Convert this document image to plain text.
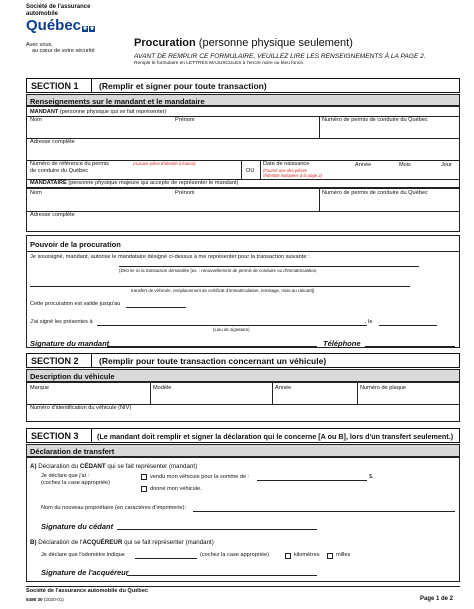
Société de l'assurance
automobile
Québec⚜ ⚜
Avec vous,
au cœur de votre sécurité
Procuration (personne physique seulement)
AVANT DE REMPLIR CE FORMULAIRE, VEUILLEZ LIRE LES RENSEIGNEMENTS À LA PAGE 2.
Remplir le formulaire en LETTRES MAJUSCULES à l'encre noire ou bleu foncé.
SECTION 1	(Remplir et signer pour toute transaction)
Renseignements sur le mandant et le mandataire
MANDANT (personne physique qui se fait représenter)
Nom	Prénom	Numéro de permis de conduire du Québec
Adresse complète
Numéro de référence du permis
de conduire du Québec
(Aucune pièce d'identité à fournir)
OU
Date de naissance
(Fournir une des pièces
d'identité indiquées à la page 2)
Année	Mois	Jour
MANDATAIRE (personne physique majeure qui accepte de représenter le mandant)
Nom	Prénom	Numéro de permis de conduire du Québec
Adresse complète
Pouvoir de la procuration
Je soussigné, mandant, autorise le mandataire désigné ci-dessus à me représenter pour la transaction suivante :
(Décrire ici la transaction demandée [ex. : renouvellement de permis de conduire ou d'immatriculation,
transfert de véhicule, remplacement de certificat d'immatriculation, remisage, mise au rancart])
Cette procuration est valide jusqu'au
J'ai signé les présentes à
(Lieu de signature)
, le
Signature du mandant	Téléphone
SECTION 2	(Remplir pour toute transaction concernant un véhicule)
Description du véhicule
Marque	Modèle	Année	Numéro de plaque
Numéro d'identification du véhicule (NIV)
SECTION 3	(Le mandant doit remplir et signer la déclaration qui le concerne [A ou B], lors d'un transfert seulement.)
Déclaration de transfert
A) Déclaration du CÉDANT qui se fait représenter (mandant)
Je déclare que j'ai :
(cochez la case appropriée)
vendu mon véhicule pour la somme de :	$.
donné mon véhicule.
Nom du nouveau propriétaire (en caractères d'imprimerie):
Signature du cédant
B) Déclaration de l'ACQUÉREUR qui se fait représenter (mandant)
Je déclare que l'odomètre indique	(cochez la case appropriée)	kilomètres	milles
Signature de l'acquéreur
Société de l'assurance automobile du Québec
5486 30 (2020-01)	Page 1 de 2
